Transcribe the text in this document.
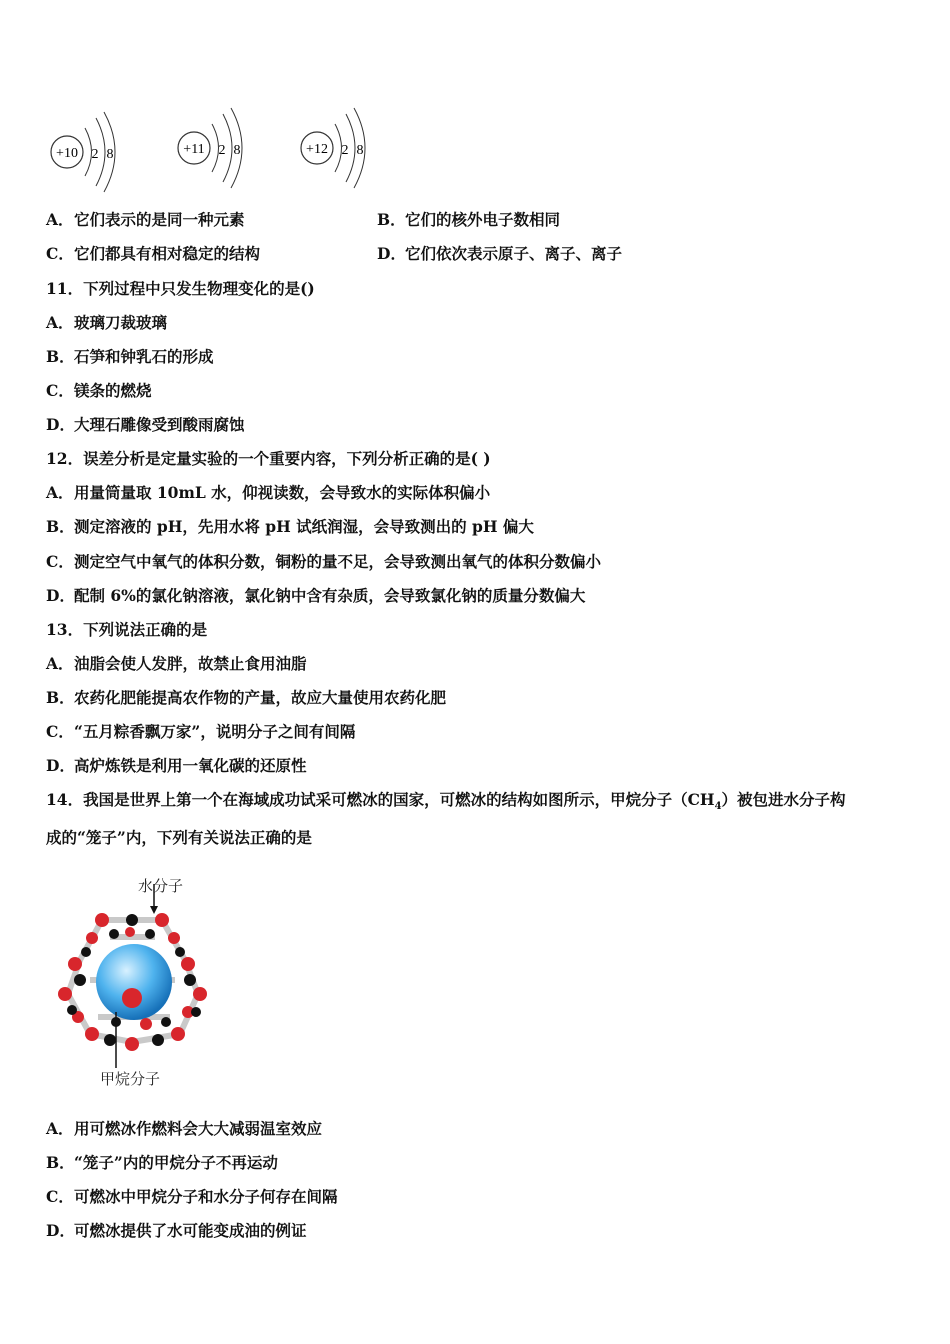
+10 2 8	+11 2 8	+12 2 8
A．它们表示的是同一种元素	B．它们的核外电子数相同
C．它们都具有相对稳定的结构	D．它们依次表示原子、离子、离子
11．下列过程中只发生物理变化的是()
A．玻璃刀裁玻璃
B．石笋和钟乳石的形成
C．镁条的燃烧
D．大理石雕像受到酸雨腐蚀
12．误差分析是定量实验的一个重要内容，下列分析正确的是( )
A．用量筒量取 10mL 水，仰视读数，会导致水的实际体积偏小
B．测定溶液的 pH，先用水将 pH 试纸润湿，会导致测出的 pH 偏大
C．测定空气中氧气的体积分数，铜粉的量不足，会导致测出氧气的体积分数偏小
D．配制 6%的氯化钠溶液，氯化钠中含有杂质，会导致氯化钠的质量分数偏大
13．下列说法正确的是
A．油脂会使人发胖，故禁止食用油脂
B．农药化肥能提高农作物的产量，故应大量使用农药化肥
C．“五月粽香飘万家”，说明分子之间有间隔
D．高炉炼铁是利用一氧化碳的还原性
14．我国是世界上第一个在海域成功试采可燃冰的国家，可燃冰的结构如图所示，甲烷分子$(CH_4)$被包进水分子构
成的“笼子”内，下列有关说法正确的是
水分子
甲烷分子
A．用可燃冰作燃料会大大减弱温室效应
B．“笼子”内的甲烷分子不再运动
C．可燃冰中甲烷分子和水分子何存在间隔
D．可燃冰提供了水可能变成油的例证
